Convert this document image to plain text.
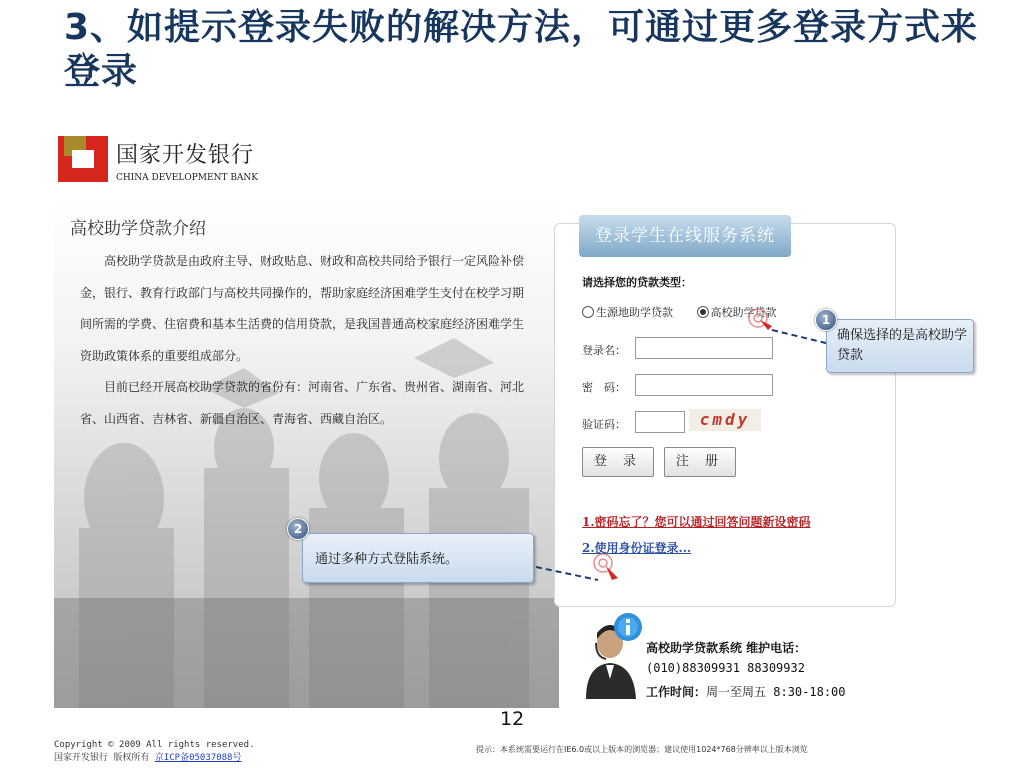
3、如提示登录失败的解决方法，可通过更多登录方式来登录
国家开发银行
CHINA DEVELOPMENT BANK
高校助学贷款介绍

高校助学贷款是由政府主导、财政贴息、财政和高校共同给予银行一定风险补偿金，银行、教育行政部门与高校共同操作的，帮助家庭经济困难学生支付在校学习期间所需的学费、住宿费和基本生活费的信用贷款，是我国普通高校家庭经济困难学生资助政策体系的重要组成部分。

目前已经开展高校助学贷款的省份有：河南省、广东省、贵州省、湖南省、河北省、山西省、吉林省、新疆自治区、青海省、西藏自治区。

登录学生在线服务系统
请选择您的贷款类型：
生源地助学贷款	高校助学贷款
登录名：
密　码：
验证码：	cmdy
登 录	注 册
1.密码忘了？您可以通过回答问题新设密码
2.使用身份证登录...
确保选择的是高校助学贷款
1
通过多种方式登陆系统。
2
高校助学贷款系统 维护电话：
(010)88309931 88309932
工作时间：周一至周五 8:30-18:00
12
Copyright © 2009 All rights reserved.
国家开发银行 版权所有 京ICP备05037088号
提示：本系统需要运行在IE6.0或以上版本的浏览器；建议使用1024*768分辨率以上版本浏览
